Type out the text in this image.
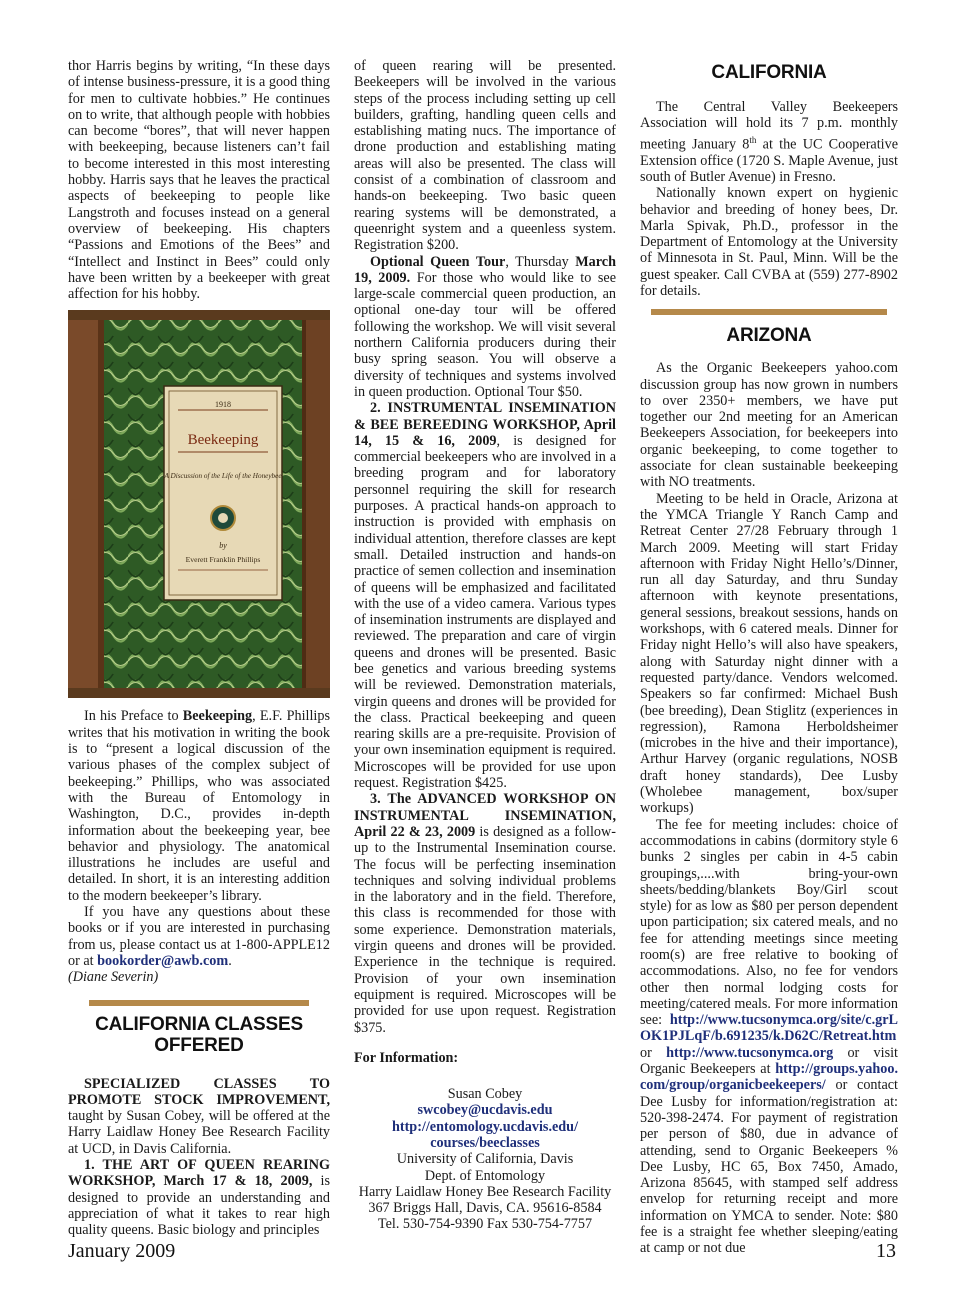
thor Harris begins by writing, “In these days of intense business-pressure, it is a good thing for men to cultivate hobbies.” He continues on to write, that although people with hobbies can become “bores”, that will never happen with beekeeping, because listeners can’t fail to become interested in this most interesting hobby. Harris says that he leaves the practical aspects of beekeeping to people like Langstroth and focuses instead on a general overview of beekeeping. His chapters “Passions and Emotions of the Bees” and “Intellect and Instinct in Bees” could only have been written by a beekeeper with great affection for his hobby.

1918
Beekeeping
A Discussion of the Life of the Honeybee
by
Everett Franklin Phillips

In his Preface to Beekeeping, E.F. Phillips writes that his motivation in writing the book is to “present a logical discussion of the various phases of the complex subject of beekeeping.” Phillips, who was associated with the Bureau of Entomology in Washington, D.C., provides in-depth information about the beekeeping year, bee behavior and physiology. The anatomical illustrations he includes are useful and detailed. In short, it is an interesting addition to the modern beekeeper’s library.

If you have any questions about these books or if you are interested in purchasing from us, please contact us at 1-800-APPLE12 or at bookorder@awb.com.

(Diane Severin)

CALIFORNIA CLASSES OFFERED

SPECIALIZED CLASSES TO PROMOTE STOCK IMPROVEMENT, taught by Susan Cobey, will be offered at the Harry Laidlaw Honey Bee Research Facility at UCD, in Davis California.

1. THE ART OF QUEEN REARING WORKSHOP, March 17 & 18, 2009, is designed to provide an understanding and appreciation of what it takes to rear high quality queens. Basic biology and principles

of queen rearing will be presented. Beekeepers will be involved in the various steps of the process including setting up cell builders, grafting, handling queen cells and establishing mating nucs. The importance of drone production and establishing mating areas will also be presented. The class will consist of a combination of classroom and hands-on beekeeping. Two basic queen rearing systems will be demonstrated, a queenright system and a queenless system. Registration $200.

Optional Queen Tour, Thursday March 19, 2009. For those who would like to see large-scale commercial queen production, an optional one-day tour will be offered following the workshop. We will visit several northern California producers during their busy spring season. You will observe a diversity of techniques and systems involved in queen production. Optional Tour $50.

2. INSTRUMENTAL INSEMINATION & BEE BEREEDING WORKSHOP, April 14, 15 & 16, 2009, is designed for commercial beekeepers who are involved in a breeding program and for laboratory personnel requiring the skill for research purposes. A practical hands-on approach to instruction is provided with emphasis on individual attention, therefore classes are kept small. Detailed instruction and hands-on practice of semen collection and insemination of queens will be emphasized and facilitated with the use of a video camera. Various types of insemination instruments are displayed and reviewed. The preparation and care of virgin queens and drones will be presented. Basic bee genetics and various breeding systems will be reviewed. Demonstration materials, virgin queens and drones will be provided for the class. Practical beekeeping and queen rearing skills are a pre-requisite. Provision of your own insemination equipment is required. Microscopes will be provided for use upon request. Registration $425.

3. The ADVANCED WORKSHOP ON INSTRUMENTAL INSEMINATION, April 22 & 23, 2009 is designed as a follow-up to the Instrumental Insemination course. The focus will be perfecting insemination techniques and solving individual problems in the laboratory and in the field. Therefore, this class is recommended for those with some experience. Demonstration materials, virgin queens and drones will be provided. Experience in the technique is required. Provision of your own insemination equipment is required. Microscopes will be provided for use upon request. Registration $375.

For Information:

Susan Cobey
swcobey@ucdavis.edu
http://entomology.ucdavis.edu/
courses/beeclasses
University of California, Davis
Dept. of Entomology
Harry Laidlaw Honey Bee Research Facility
367 Briggs Hall, Davis, CA. 95616-8584
Tel. 530-754-9390 Fax 530-754-7757
CALIFORNIA

The Central Valley Beekeepers Association will hold its 7 p.m. monthly meeting January 8th at the UC Cooperative Extension office (1720 S. Maple Avenue, just south of Butler Avenue) in Fresno.

Nationally known expert on hygienic behavior and breeding of honey bees, Dr. Marla Spivak, Ph.D., professor in the Department of Entomology at the University of Minnesota in St. Paul, Minn. Will be the guest speaker. Call CVBA at (559) 277-8902 for details.

ARIZONA

As the Organic Beekeepers yahoo.com discussion group has now grown in numbers to over 2350+ members, we have put together our 2nd meeting for an American Beekeepers Association, for beekeepers into organic beekeeping, to come together to associate for clean sustainable beekeeping with NO treatments.

Meeting to be held in Oracle, Arizona at the YMCA Triangle Y Ranch Camp and Retreat Center 27/28 February through 1 March 2009. Meeting will start Friday afternoon with Friday Night Hello’s/Dinner, run all day Saturday, and thru Sunday afternoon with keynote presentations, general sessions, breakout sessions, hands on workshops, with 6 catered meals. Dinner for Friday night Hello’s will also have speakers, along with Saturday night dinner with a requested party/dance. Vendors welcomed. Speakers so far confirmed: Michael Bush (bee breeding), Dean Stiglitz (experiences in regression), Ramona Herboldsheimer (microbes in the hive and their importance), Arthur Harvey (organic regulations, NOSB draft honey standards), Dee Lusby (Wholebee management, box/super workups)

The fee for meeting includes: choice of accommodations in cabins (dormitory style 6 bunks 2 singles per cabin in 4-5 cabin groupings,....with bring-your-own sheets/bedding/blankets Boy/Girl scout style) for as low as $80 per person dependent upon participation; six catered meals, and no fee for attending meetings since meeting room(s) are free relative to booking of accommodations. Also, no fee for vendors other then normal lodging costs for meeting/catered meals. For more information see: http://www.tucsonymca.org/site/c.grLOK1PJLqF/b.691235/k.D62C/Retreat.htm or http://www.tucsonymca.org or visit Organic Beekeepers at http://groups.yahoo.com/group/organicbeekeepers/ or contact Dee Lusby for information/registration at: 520-398-2474. For payment of registration per person of $80, due in advance of attending, send to Organic Beekeepers % Dee Lusby, HC 65, Box 7450, Amado, Arizona 85645, with stamped self address envelop for returning receipt and more information on YMCA to sender. Note: $80 fee is a straight fee whether sleeping/eating at camp or not due

January 2009	13
